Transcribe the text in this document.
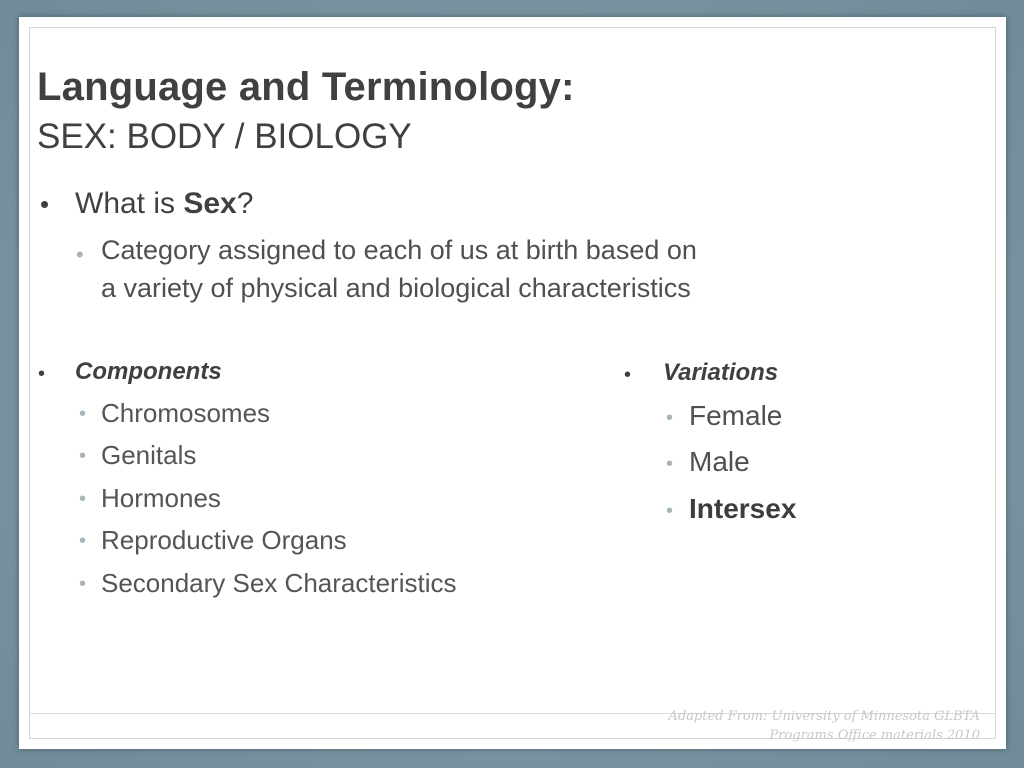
Language and Terminology:
SEX: BODY / BIOLOGY
• What is Sex?
• Category assigned to each of us at birth based on
a variety of physical and biological characteristics
• Components
• Chromosomes
• Genitals
• Hormones
• Reproductive Organs
• Secondary Sex Characteristics
• Variations
• Female
• Male
• Intersex
Adapted From: University of Minnesota GLBTA
Programs Office materials 2010
